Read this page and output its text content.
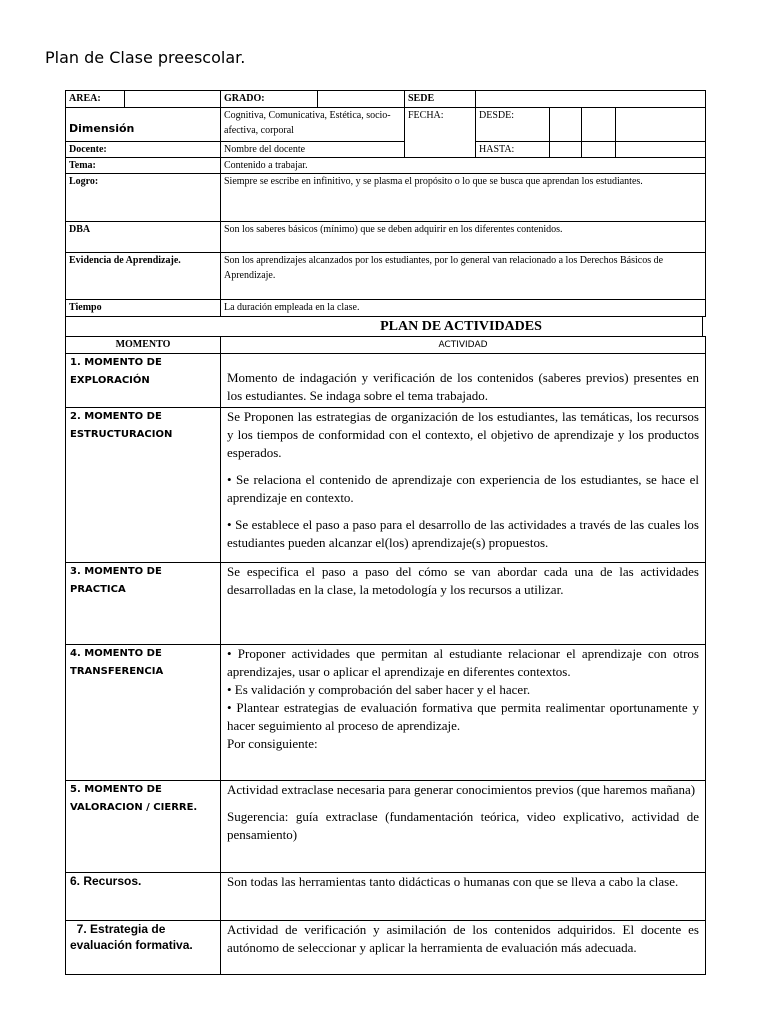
Plan de Clase preescolar.
AREA:		GRADO:		SEDE				
Dimensión		Cognitiva, Comunicativa, Estética, socio- afectiva, corporal		FECHA:	DESDE:			
Docente:		Nombre del docente			HASTA:			
Tema:		Contenido a trabajar.						
Logro:		Siempre se escribe en infinitivo, y se plasma el propósito o lo que se busca que aprendan los estudiantes.						
DBA		Son los saberes básicos (mínimo) que se deben adquirir en los diferentes contenidos.						
Evidencia de Aprendizaje.		Son los aprendizajes alcanzados por los estudiantes, por lo general van relacionado a los Derechos Básicos de Aprendizaje.						
Tiempo		La duración empleada en la clase.						
PLAN DE ACTIVIDADES
MOMENTO	ACTIVIDAD
1. MOMENTO DE EXPLORACIÓN	Momento de indagación y verificación de los contenidos (saberes previos) presentes en los estudiantes. Se indaga sobre el tema trabajado.

2. MOMENTO DE ESTRUCTURACION	Se Proponen las estrategias de organización de los estudiantes, las temáticas, los recursos y los tiempos de conformidad con el contexto, el objetivo de aprendizaje y los productos esperados.

• Se relaciona el contenido de aprendizaje con experiencia de los estudiantes, se hace el aprendizaje en contexto.

• Se establece el paso a paso para el desarrollo de las actividades a través de las cuales los estudiantes pueden alcanzar el(los) aprendizaje(s) propuestos.

3. MOMENTO DE PRACTICA	Se especifica el paso a paso del cómo se van abordar cada una de las actividades desarrolladas en la clase, la metodología y los recursos a utilizar.

4. MOMENTO DE TRANSFERENCIA	• Proponer actividades que permitan al estudiante relacionar el aprendizaje con otros aprendizajes, usar o aplicar el aprendizaje en diferentes contextos.
• Es validación y comprobación del saber hacer y el hacer.
• Plantear estrategias de evaluación formativa que permita realimentar oportunamente y hacer seguimiento al proceso de aprendizaje.
Por consiguiente:

5. MOMENTO DE VALORACION / CIERRE.	Actividad extraclase necesaria para generar conocimientos previos (que haremos mañana)

Sugerencia: guía extraclase (fundamentación teórica, video explicativo, actividad de pensamiento)

6. Recursos.	Son todas las herramientas tanto didácticas o humanas con que se lleva a cabo la clase.

7. Estrategia de evaluación formativa.	Actividad de verificación y asimilación de los contenidos adquiridos. El docente es autónomo de seleccionar y aplicar la herramienta de evaluación más adecuada.
